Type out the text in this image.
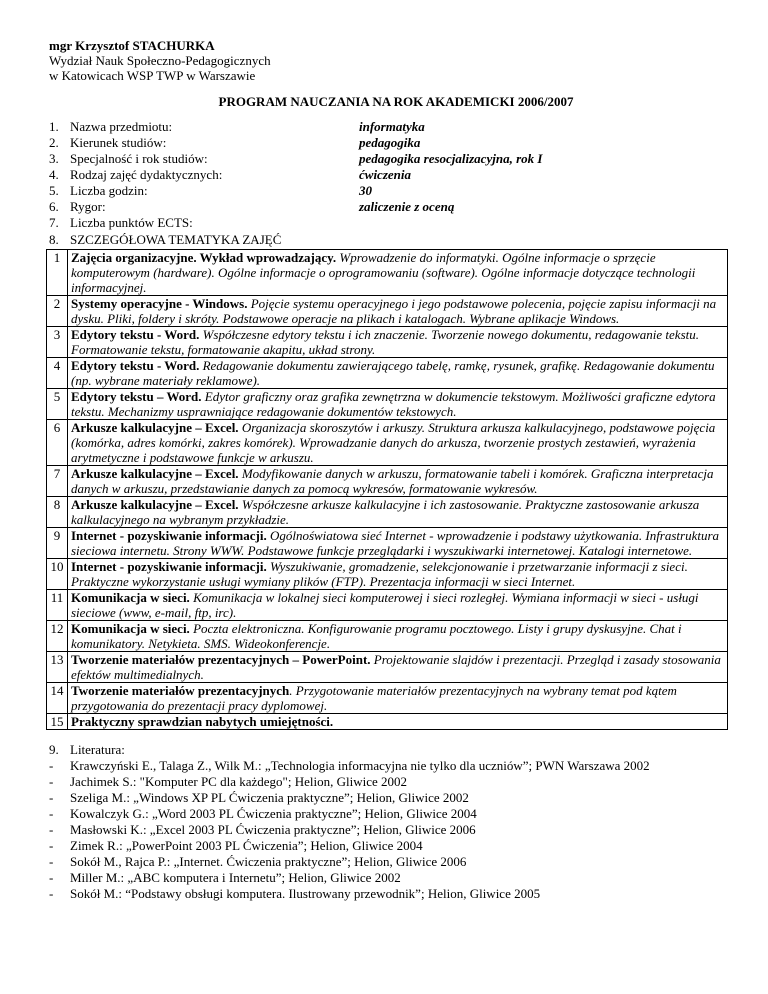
mgr Krzysztof STACHURKA
Wydział Nauk Społeczno-Pedagogicznych
w Katowicach WSP TWP w Warszawie
PROGRAM NAUCZANIA NA ROK AKADEMICKI 2006/2007
1. Nazwa przedmiotu:	informatyka
2. Kierunek studiów:	pedagogika
3. Specjalność i rok studiów:	pedagogika resocjalizacyjna, rok I
4. Rodzaj zajęć dydaktycznych:	ćwiczenia
5. Liczba godzin:	30
6. Rygor:	zaliczenie z oceną
7. Liczba punktów ECTS:
8. SZCZEGÓŁOWA TEMATYKA ZAJĘĆ
1	Zajęcia organizacyjne. Wykład wprowadzający. Wprowadzenie do informatyki. Ogólne informacje o sprzęcie komputerowym (hardware). Ogólne informacje o oprogramowaniu (software). Ogólne informacje dotyczące technologii informacyjnej.
2	Systemy operacyjne - Windows. Pojęcie systemu operacyjnego i jego podstawowe polecenia, pojęcie zapisu informacji na dysku. Pliki, foldery i skróty. Podstawowe operacje na plikach i katalogach. Wybrane aplikacje Windows.
3	Edytory tekstu - Word. Współczesne edytory tekstu i ich znaczenie. Tworzenie nowego dokumentu, redagowanie tekstu. Formatowanie tekstu, formatowanie akapitu, układ strony.
4	Edytory tekstu - Word. Redagowanie dokumentu zawierającego tabelę, ramkę, rysunek, grafikę. Redagowanie dokumentu (np. wybrane materiały reklamowe).
5	Edytory tekstu – Word. Edytor graficzny oraz grafika zewnętrzna w dokumencie tekstowym. Możliwości graficzne edytora tekstu. Mechanizmy usprawniające redagowanie dokumentów tekstowych.
6	Arkusze kalkulacyjne – Excel. Organizacja skoroszytów i arkuszy. Struktura arkusza kalkulacyjnego, podstawowe pojęcia (komórka, adres komórki, zakres komórek). Wprowadzanie danych do arkusza, tworzenie prostych zestawień, wyrażenia arytmetyczne i podstawowe funkcje w arkuszu.
7	Arkusze kalkulacyjne – Excel. Modyfikowanie danych w arkuszu, formatowanie tabeli i komórek. Graficzna interpretacja danych w arkuszu, przedstawianie danych za pomocą wykresów, formatowanie wykresów.
8	Arkusze kalkulacyjne – Excel. Współczesne arkusze kalkulacyjne i ich zastosowanie. Praktyczne zastosowanie arkusza kalkulacyjnego na wybranym przykładzie.
9	Internet - pozyskiwanie informacji. Ogólnoświatowa sieć Internet - wprowadzenie i podstawy użytkowania. Infrastruktura sieciowa internetu. Strony WWW. Podstawowe funkcje przeglądarki i wyszukiwarki internetowej. Katalogi internetowe.
10	Internet - pozyskiwanie informacji. Wyszukiwanie, gromadzenie, selekcjonowanie i przetwarzanie informacji z sieci. Praktyczne wykorzystanie usługi wymiany plików (FTP). Prezentacja informacji w sieci Internet.
11	Komunikacja w sieci. Komunikacja w lokalnej sieci komputerowej i sieci rozległej. Wymiana informacji w sieci - usługi sieciowe (www, e-mail, ftp, irc).
12	Komunikacja w sieci. Poczta elektroniczna. Konfigurowanie programu pocztowego. Listy i grupy dyskusyjne. Chat i komunikatory. Netykieta. SMS. Wideokonferencje.
13	Tworzenie materiałów prezentacyjnych – PowerPoint. Projektowanie slajdów i prezentacji. Przegląd i zasady stosowania efektów multimedialnych.
14	Tworzenie materiałów prezentacyjnych. Przygotowanie materiałów prezentacyjnych na wybrany temat pod kątem przygotowania do prezentacji pracy dyplomowej.
15	Praktyczny sprawdzian nabytych umiejętności.
9. Literatura:
-	Krawczyński E., Talaga Z., Wilk M.: „Technologia informacyjna nie tylko dla uczniów”; PWN Warszawa 2002
-	Jachimek S.: "Komputer PC dla każdego"; Helion, Gliwice 2002
-	Szeliga M.: „Windows XP PL Ćwiczenia praktyczne”; Helion, Gliwice 2002
-	Kowalczyk G.: „Word 2003 PL Ćwiczenia praktyczne”; Helion, Gliwice 2004
-	Masłowski K.: „Excel 2003 PL Ćwiczenia praktyczne”; Helion, Gliwice 2006
-	Zimek R.: „PowerPoint 2003 PL Ćwiczenia”; Helion, Gliwice 2004
-	Sokół M., Rajca P.: „Internet. Ćwiczenia praktyczne”; Helion, Gliwice 2006
-	Miller M.: „ABC komputera i Internetu”; Helion, Gliwice 2002
-	Sokół M.: “Podstawy obsługi komputera. Ilustrowany przewodnik”; Helion, Gliwice 2005
